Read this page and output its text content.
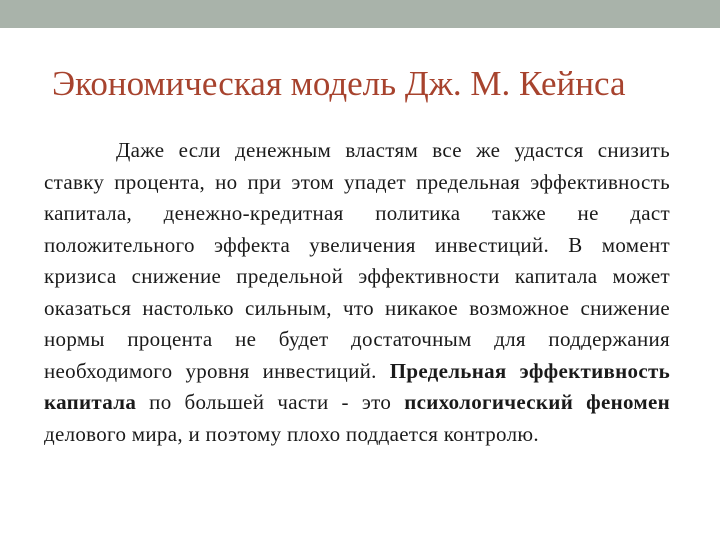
Экономическая модель Дж. М. Кейнса

Даже если денежным властям все же удастся снизить ставку процента, но при этом упадет предельная эффективность капитала, денежно-кредитная политика также не даст положительного эффекта увеличения инвестиций. В момент кризиса снижение предельной эффективности капитала может оказаться настолько сильным, что никакое возможное снижение нормы процента не будет достаточным для поддержания необходимого уровня инвестиций. Предельная эффективность капитала по большей части - это психологический феномен делового мира, и поэтому плохо поддается контролю.
